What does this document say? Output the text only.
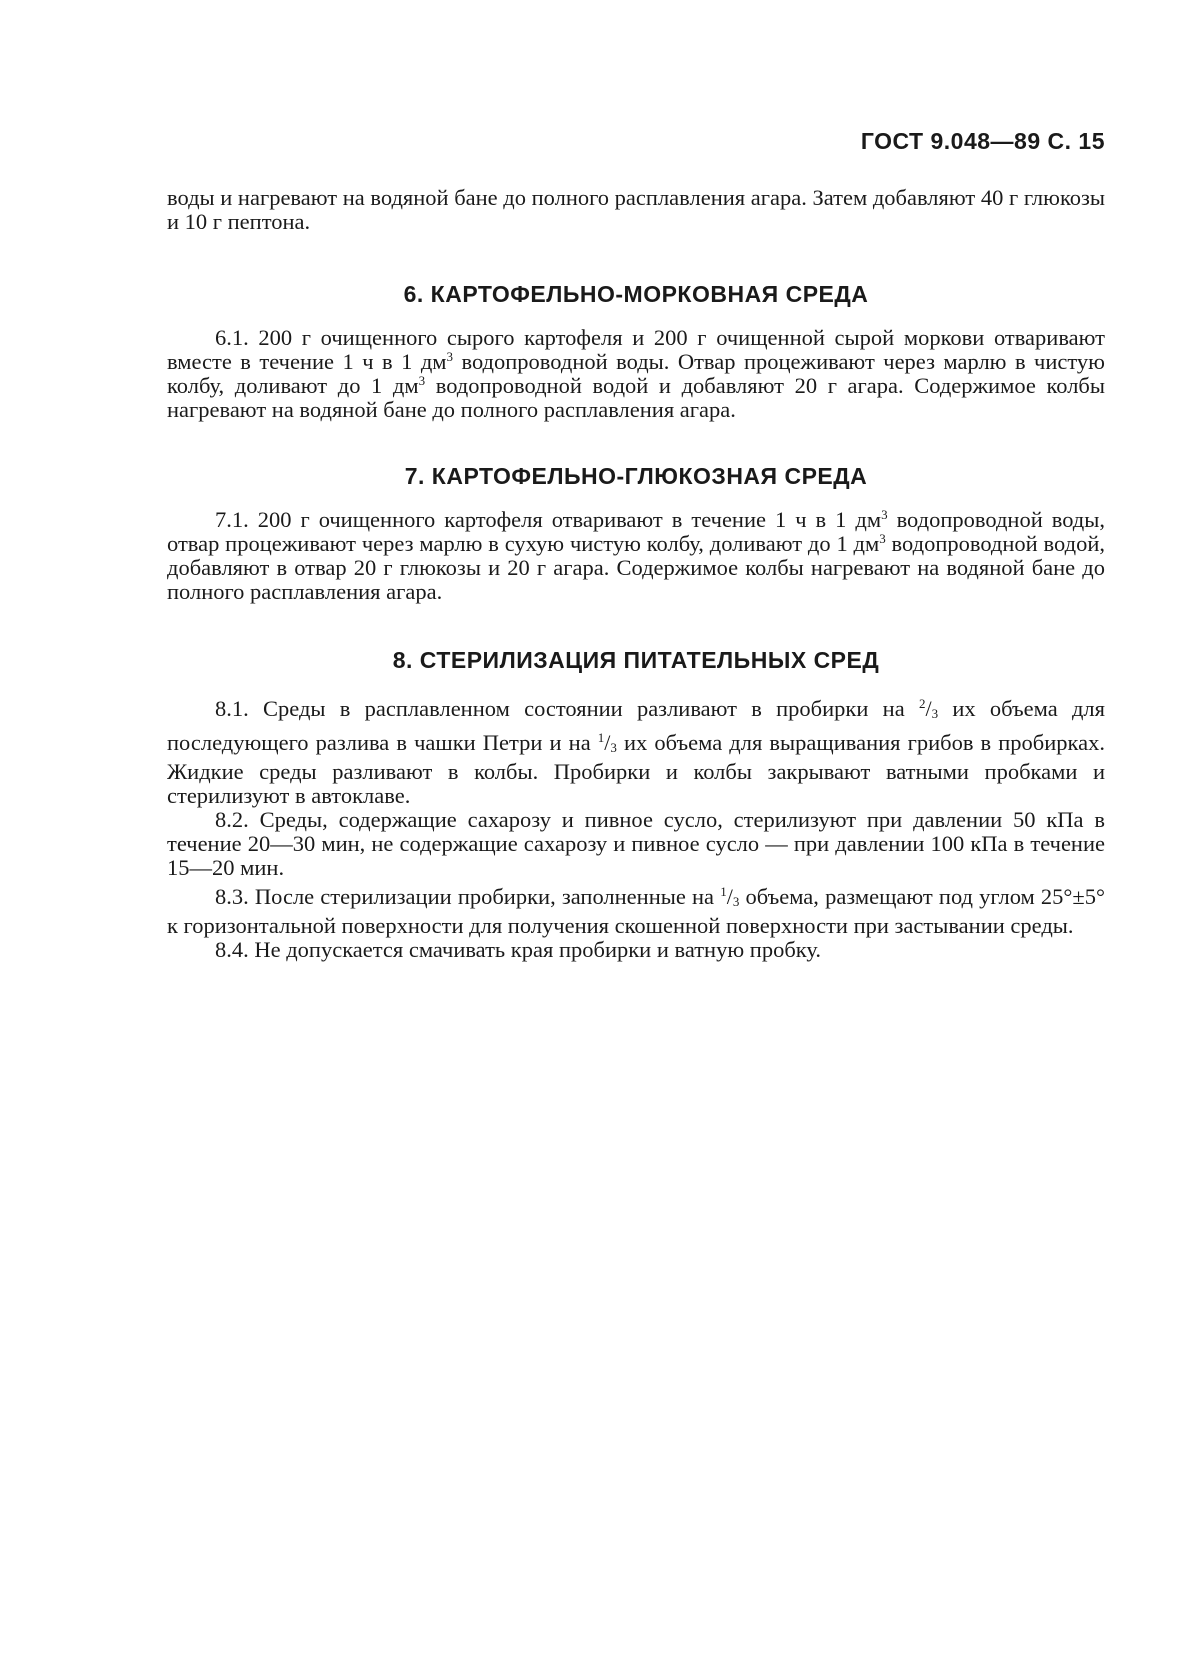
ГОСТ 9.048—89 С. 15

воды и нагревают на водяной бане до полного расплавления агара. Затем добавляют 40 г глюкозы и 10 г пептона.

6. КАРТОФЕЛЬНО-МОРКОВНАЯ СРЕДА

6.1. 200 г очищенного сырого картофеля и 200 г очищенной сырой моркови отваривают вместе в течение 1 ч в 1 $дм^3$ водопроводной воды. Отвар процеживают через марлю в чистую колбу, доливают до 1 $дм^3$ водопроводной водой и добавляют 20 г агара. Содержимое колбы нагревают на водяной бане до полного расплавления агара.

7. КАРТОФЕЛЬНО-ГЛЮКОЗНАЯ СРЕДА

7.1. 200 г очищенного картофеля отваривают в течение 1 ч в 1 $дм^3$ водопроводной воды, отвар процеживают через марлю в сухую чистую колбу, доливают до 1 $дм^3$ водопроводной водой, добавляют в отвар 20 г глюкозы и 20 г агара. Содержимое колбы нагревают на водяной бане до полного расплавления агара.

8. СТЕРИЛИЗАЦИЯ ПИТАТЕЛЬНЫХ СРЕД

8.1. Среды в расплавленном состоянии разливают в пробирки на $^2$/3 их объема для последующего разлива в чашки Петри и на $^1$/3 их объема для выращивания грибов в пробирках. Жидкие среды разливают в колбы. Пробирки и колбы закрывают ватными пробками и стерилизуют в автоклаве.

8.2. Среды, содержащие сахарозу и пивное сусло, стерилизуют при давлении 50 кПа в течение 20—30 мин, не содержащие сахарозу и пивное сусло — при давлении 100 кПа в течение 15—20 мин.

8.3. После стерилизации пробирки, заполненные на $^1$/3 объема, размещают под углом 25°±5° к горизонтальной поверхности для получения скошенной поверхности при застывании среды.

8.4. Не допускается смачивать края пробирки и ватную пробку.
